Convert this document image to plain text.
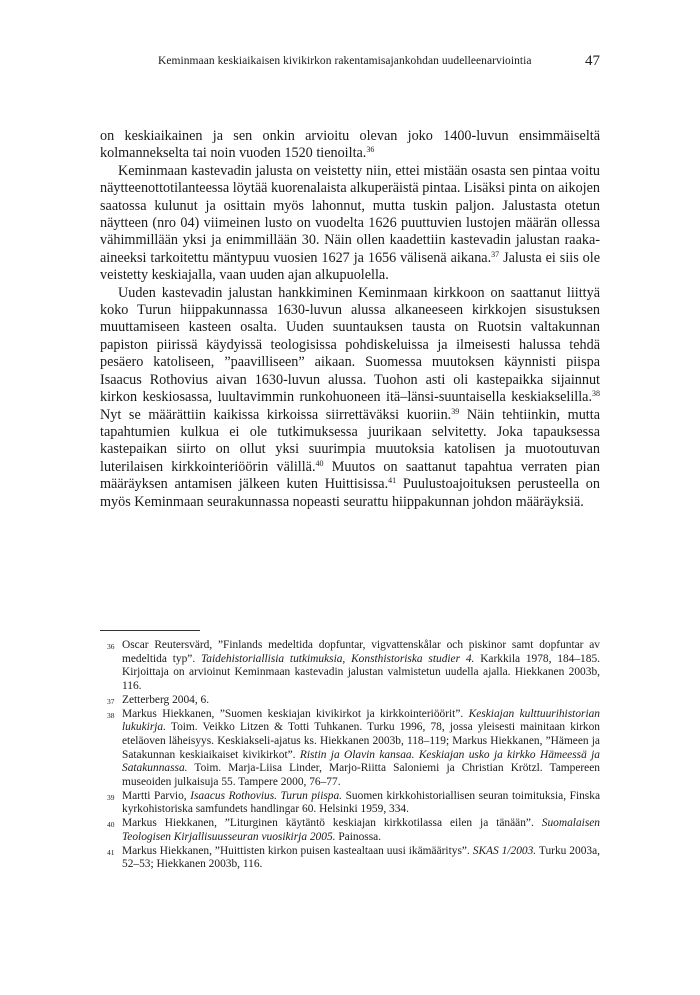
Keminmaan keskiaikaisen kivikirkon rakentamisajankohdan uudelleenarviointia	47

on keskiaikainen ja sen onkin arvioitu olevan joko 1400-luvun ensimmäiseltä kolmannekselta tai noin vuoden 1520 tienoilta.$^{36}$

Keminmaan kastevadin jalusta on veistetty niin, ettei mistään osasta sen pintaa voitu näytteenottotilanteessa löytää kuorenalaista alkuperäistä pintaa. Lisäksi pinta on aikojen saatossa kulunut ja osittain myös lahonnut, mutta tuskin paljon. Jalustasta otetun näytteen (nro 04) viimeinen lusto on vuodelta 1626 puuttuvien lustojen määrän ollessa vähimmillään yksi ja enimmillään 30. Näin ollen kaadettiin kastevadin jalustan raaka-aineeksi tarkoitettu mäntypuu vuosien 1627 ja 1656 välisenä aikana.$^{37}$ Jalusta ei siis ole veistetty keskiajalla, vaan uuden ajan alkupuolella.

Uuden kastevadin jalustan hankkiminen Keminmaan kirkkoon on saattanut liittyä koko Turun hiippakunnassa 1630-luvun alussa alkaneeseen kirkkojen sisustuksen muuttamiseen kasteen osalta. Uuden suuntauksen tausta on Ruotsin valtakunnan papiston piirissä käydyissä teologisissa pohdiskeluissa ja ilmeisesti halussa tehdä pesäero katoliseen, ”paavilliseen” aikaan. Suomessa muutoksen käynnisti piispa Isaacus Rothovius aivan 1630-luvun alussa. Tuohon asti oli kastepaikka sijainnut kirkon keskiosassa, luultavimmin runkohuoneen itä–länsi-suuntaisella keskiakselilla.$^{38}$ Nyt se määrättiin kaikissa kirkoissa siirrettäväksi kuoriin.$^{39}$ Näin tehtiinkin, mutta tapahtumien kulkua ei ole tutkimuksessa juurikaan selvitetty. Joka tapauksessa kastepaikan siirto on ollut yksi suurimpia muutoksia katolisen ja muotoutuvan luterilaisen kirkkointeriöörin välillä.$^{40}$ Muutos on saattanut tapahtua verraten pian määräyksen antamisen jälkeen kuten Huittisissa.$^{41}$ Puulustoajoituksen perusteella on myös Keminmaan seurakunnassa nopeasti seurattu hiippakunnan johdon määräyksiä.

36 Oscar Reutersvärd, ”Finlands medeltida dopfuntar, vigvattenskålar och piskinor samt dopfuntar av medeltida typ”. Taidehistoriallisia tutkimuksia, Konsthistoriska studier 4. Karkkila 1978, 184–185. Kirjoittaja on arvioinut Keminmaan kastevadin jalustan valmistetun uudella ajalla. Hiekkanen 2003b, 116.

37 Zetterberg 2004, 6.

38 Markus Hiekkanen, ”Suomen keskiajan kivikirkot ja kirkkointeriöörit”. Keskiajan kulttuurihistorian lukukirja. Toim. Veikko Litzen & Totti Tuhkanen. Turku 1996, 78, jossa yleisesti mainitaan kirkon eteläoven läheisyys. Keskiakseli-ajatus ks. Hiekkanen 2003b, 118–119; Markus Hiekkanen, ”Hämeen ja Satakunnan keskiaikaiset kivikirkot”. Ristin ja Olavin kansaa. Keskiajan usko ja kirkko Hämeessä ja Satakunnassa. Toim. Marja-Liisa Linder, Marjo-Riitta Saloniemi ja Christian Krötzl. Tampereen museoiden julkaisuja 55. Tampere 2000, 76–77.

39 Martti Parvio, Isaacus Rothovius. Turun piispa. Suomen kirkkohistoriallisen seuran toimituksia, Finska kyrkohistoriska samfundets handlingar 60. Helsinki 1959, 334.

40 Markus Hiekkanen, ”Liturginen käytäntö keskiajan kirkkotilassa eilen ja tänään”. Suomalaisen Teologisen Kirjallisuusseuran vuosikirja 2005. Painossa.

41 Markus Hiekkanen, ”Huittisten kirkon puisen kastealtaan uusi ikämääritys”. SKAS 1/2003. Turku 2003a, 52–53; Hiekkanen 2003b, 116.
